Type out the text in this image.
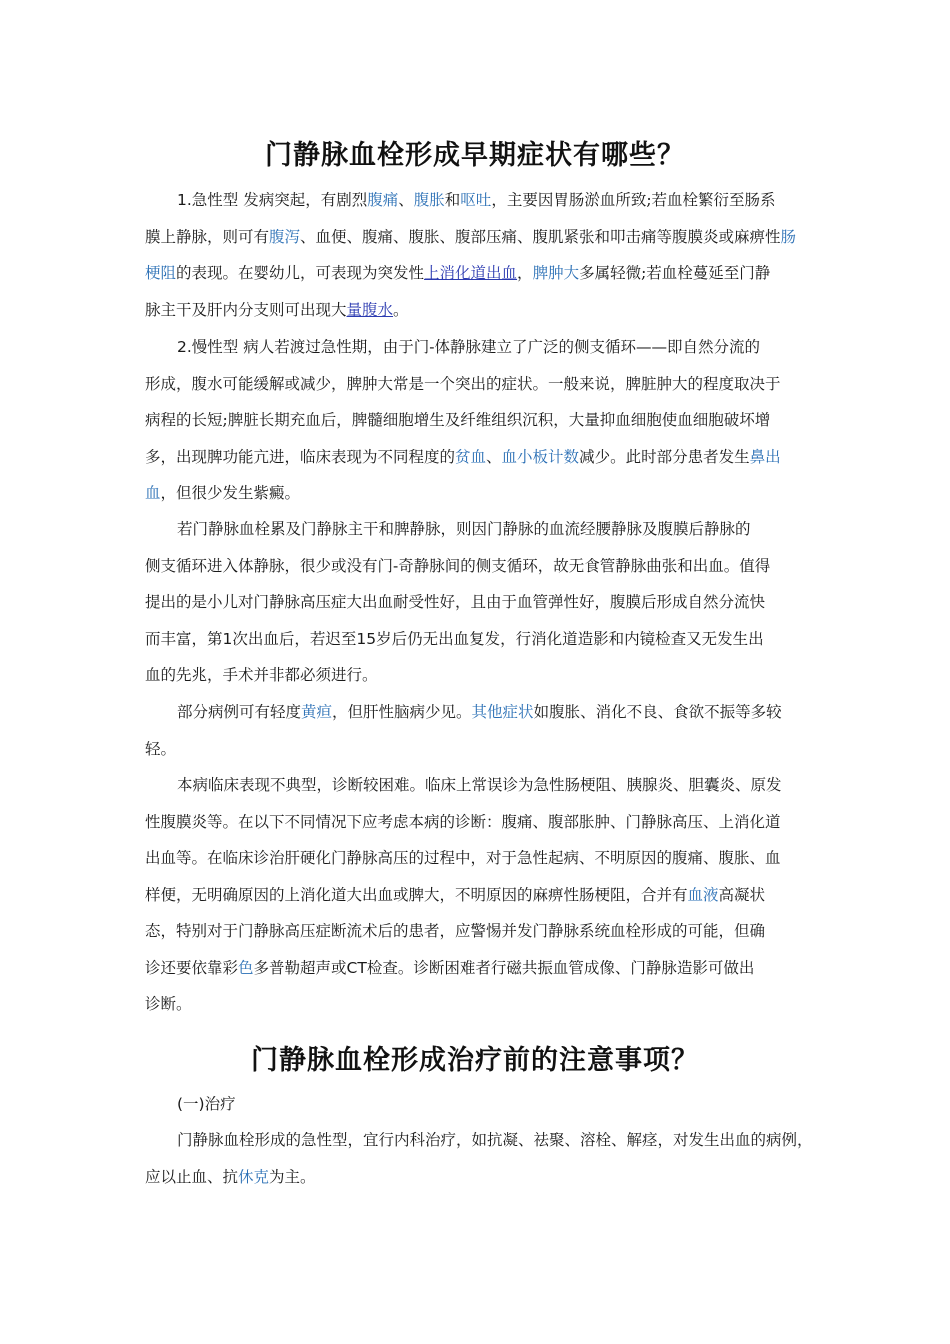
门静脉血栓形成早期症状有哪些？
1.急性型 发病突起，有剧烈腹痛、腹胀和呕吐，主要因胃肠淤血所致;若血栓繁衍至肠系
膜上静脉，则可有腹泻、血便、腹痛、腹胀、腹部压痛、腹肌紧张和叩击痛等腹膜炎或麻痹性肠
梗阻的表现。在婴幼儿，可表现为突发性上消化道出血，脾肿大多属轻微;若血栓蔓延至门静
脉主干及肝内分支则可出现大量腹水。
2.慢性型 病人若渡过急性期，由于门-体静脉建立了广泛的侧支循环——即自然分流的
形成，腹水可能缓解或减少，脾肿大常是一个突出的症状。一般来说，脾脏肿大的程度取决于
病程的长短;脾脏长期充血后，脾髓细胞增生及纤维组织沉积，大量抑血细胞使血细胞破坏增
多，出现脾功能亢进，临床表现为不同程度的贫血、血小板计数减少。此时部分患者发生鼻出
血，但很少发生紫癜。
若门静脉血栓累及门静脉主干和脾静脉，则因门静脉的血流经腰静脉及腹膜后静脉的
侧支循环进入体静脉，很少或没有门-奇静脉间的侧支循环，故无食管静脉曲张和出血。值得
提出的是小儿对门静脉高压症大出血耐受性好，且由于血管弹性好，腹膜后形成自然分流快
而丰富，第1次出血后，若迟至15岁后仍无出血复发，行消化道造影和内镜检查又无发生出
血的先兆，手术并非都必须进行。
部分病例可有轻度黄疸，但肝性脑病少见。其他症状如腹胀、消化不良、食欲不振等多较
轻。
本病临床表现不典型，诊断较困难。临床上常误诊为急性肠梗阻、胰腺炎、胆囊炎、原发
性腹膜炎等。在以下不同情况下应考虑本病的诊断：腹痛、腹部胀肿、门静脉高压、上消化道
出血等。在临床诊治肝硬化门静脉高压的过程中，对于急性起病、不明原因的腹痛、腹胀、血
样便，无明确原因的上消化道大出血或脾大，不明原因的麻痹性肠梗阻，合并有血液高凝状
态，特别对于门静脉高压症断流术后的患者，应警惕并发门静脉系统血栓形成的可能，但确
诊还要依靠彩色多普勒超声或CT检查。诊断困难者行磁共振血管成像、门静脉造影可做出
诊断。
门静脉血栓形成治疗前的注意事项？
(一)治疗
门静脉血栓形成的急性型，宜行内科治疗，如抗凝、祛聚、溶栓、解痉，对发生出血的病例，
应以止血、抗休克为主。
